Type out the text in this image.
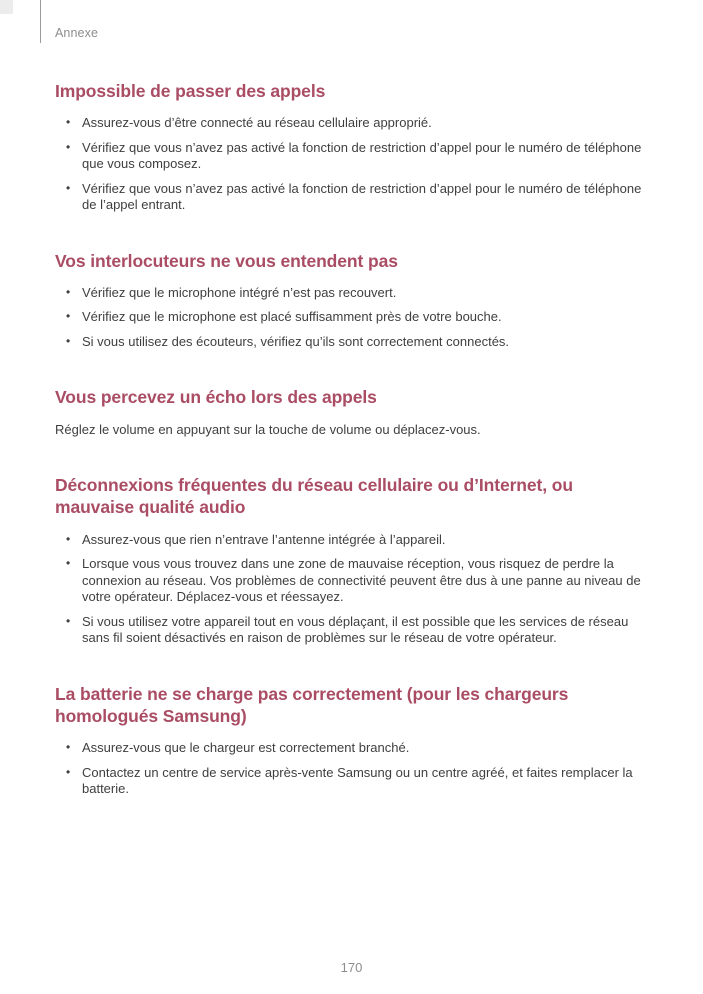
Annexe
Impossible de passer des appels
• Assurez-vous d’être connecté au réseau cellulaire approprié.
• Vérifiez que vous n’avez pas activé la fonction de restriction d’appel pour le numéro de téléphone que vous composez.
• Vérifiez que vous n’avez pas activé la fonction de restriction d’appel pour le numéro de téléphone de l’appel entrant.
Vos interlocuteurs ne vous entendent pas
• Vérifiez que le microphone intégré n’est pas recouvert.
• Vérifiez que le microphone est placé suffisamment près de votre bouche.
• Si vous utilisez des écouteurs, vérifiez qu’ils sont correctement connectés.
Vous percevez un écho lors des appels

Réglez le volume en appuyant sur la touche de volume ou déplacez-vous.

Déconnexions fréquentes du réseau cellulaire ou d’Internet, ou mauvaise qualité audio
• Assurez-vous que rien n’entrave l’antenne intégrée à l’appareil.
• Lorsque vous vous trouvez dans une zone de mauvaise réception, vous risquez de perdre la connexion au réseau. Vos problèmes de connectivité peuvent être dus à une panne au niveau de votre opérateur. Déplacez-vous et réessayez.
• Si vous utilisez votre appareil tout en vous déplaçant, il est possible que les services de réseau sans fil soient désactivés en raison de problèmes sur le réseau de votre opérateur.
La batterie ne se charge pas correctement (pour les chargeurs homologués Samsung)
• Assurez-vous que le chargeur est correctement branché.
• Contactez un centre de service après-vente Samsung ou un centre agréé, et faites remplacer la batterie.
170
